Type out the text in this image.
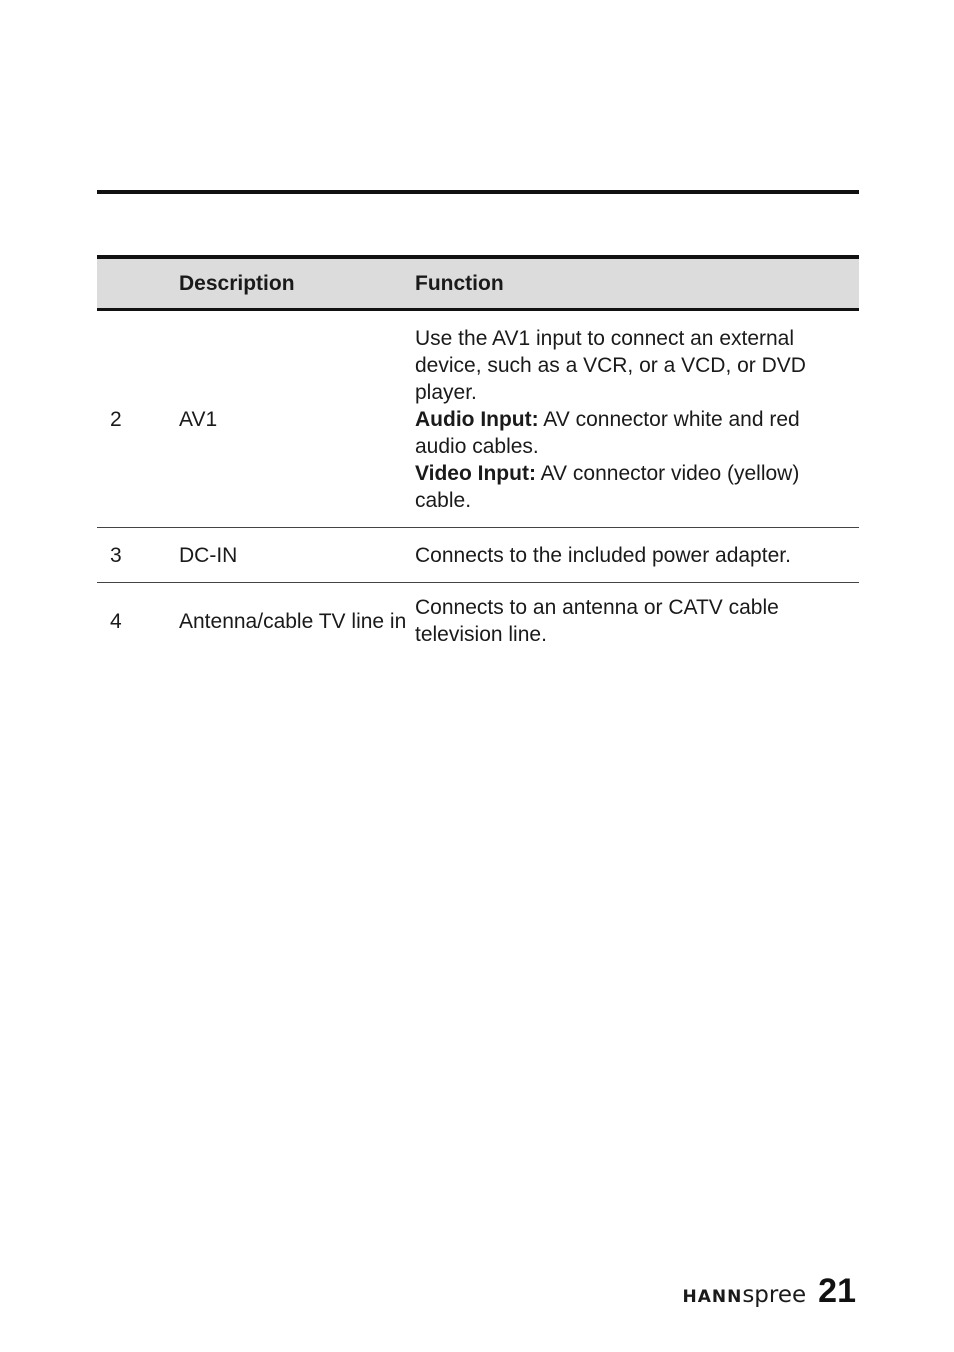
	Description	Function
2	AV1	Use the AV1 input to connect an external device, such as a VCR, or a VCD, or DVD player.
Audio Input: AV connector white and red audio cables.
Video Input: AV connector video (yellow) cable.

3	DC-IN	Connects to the included power adapter.
4	Antenna/cable TV line in	Connects to an antenna or CATV cable television line.
HANNspree 21
